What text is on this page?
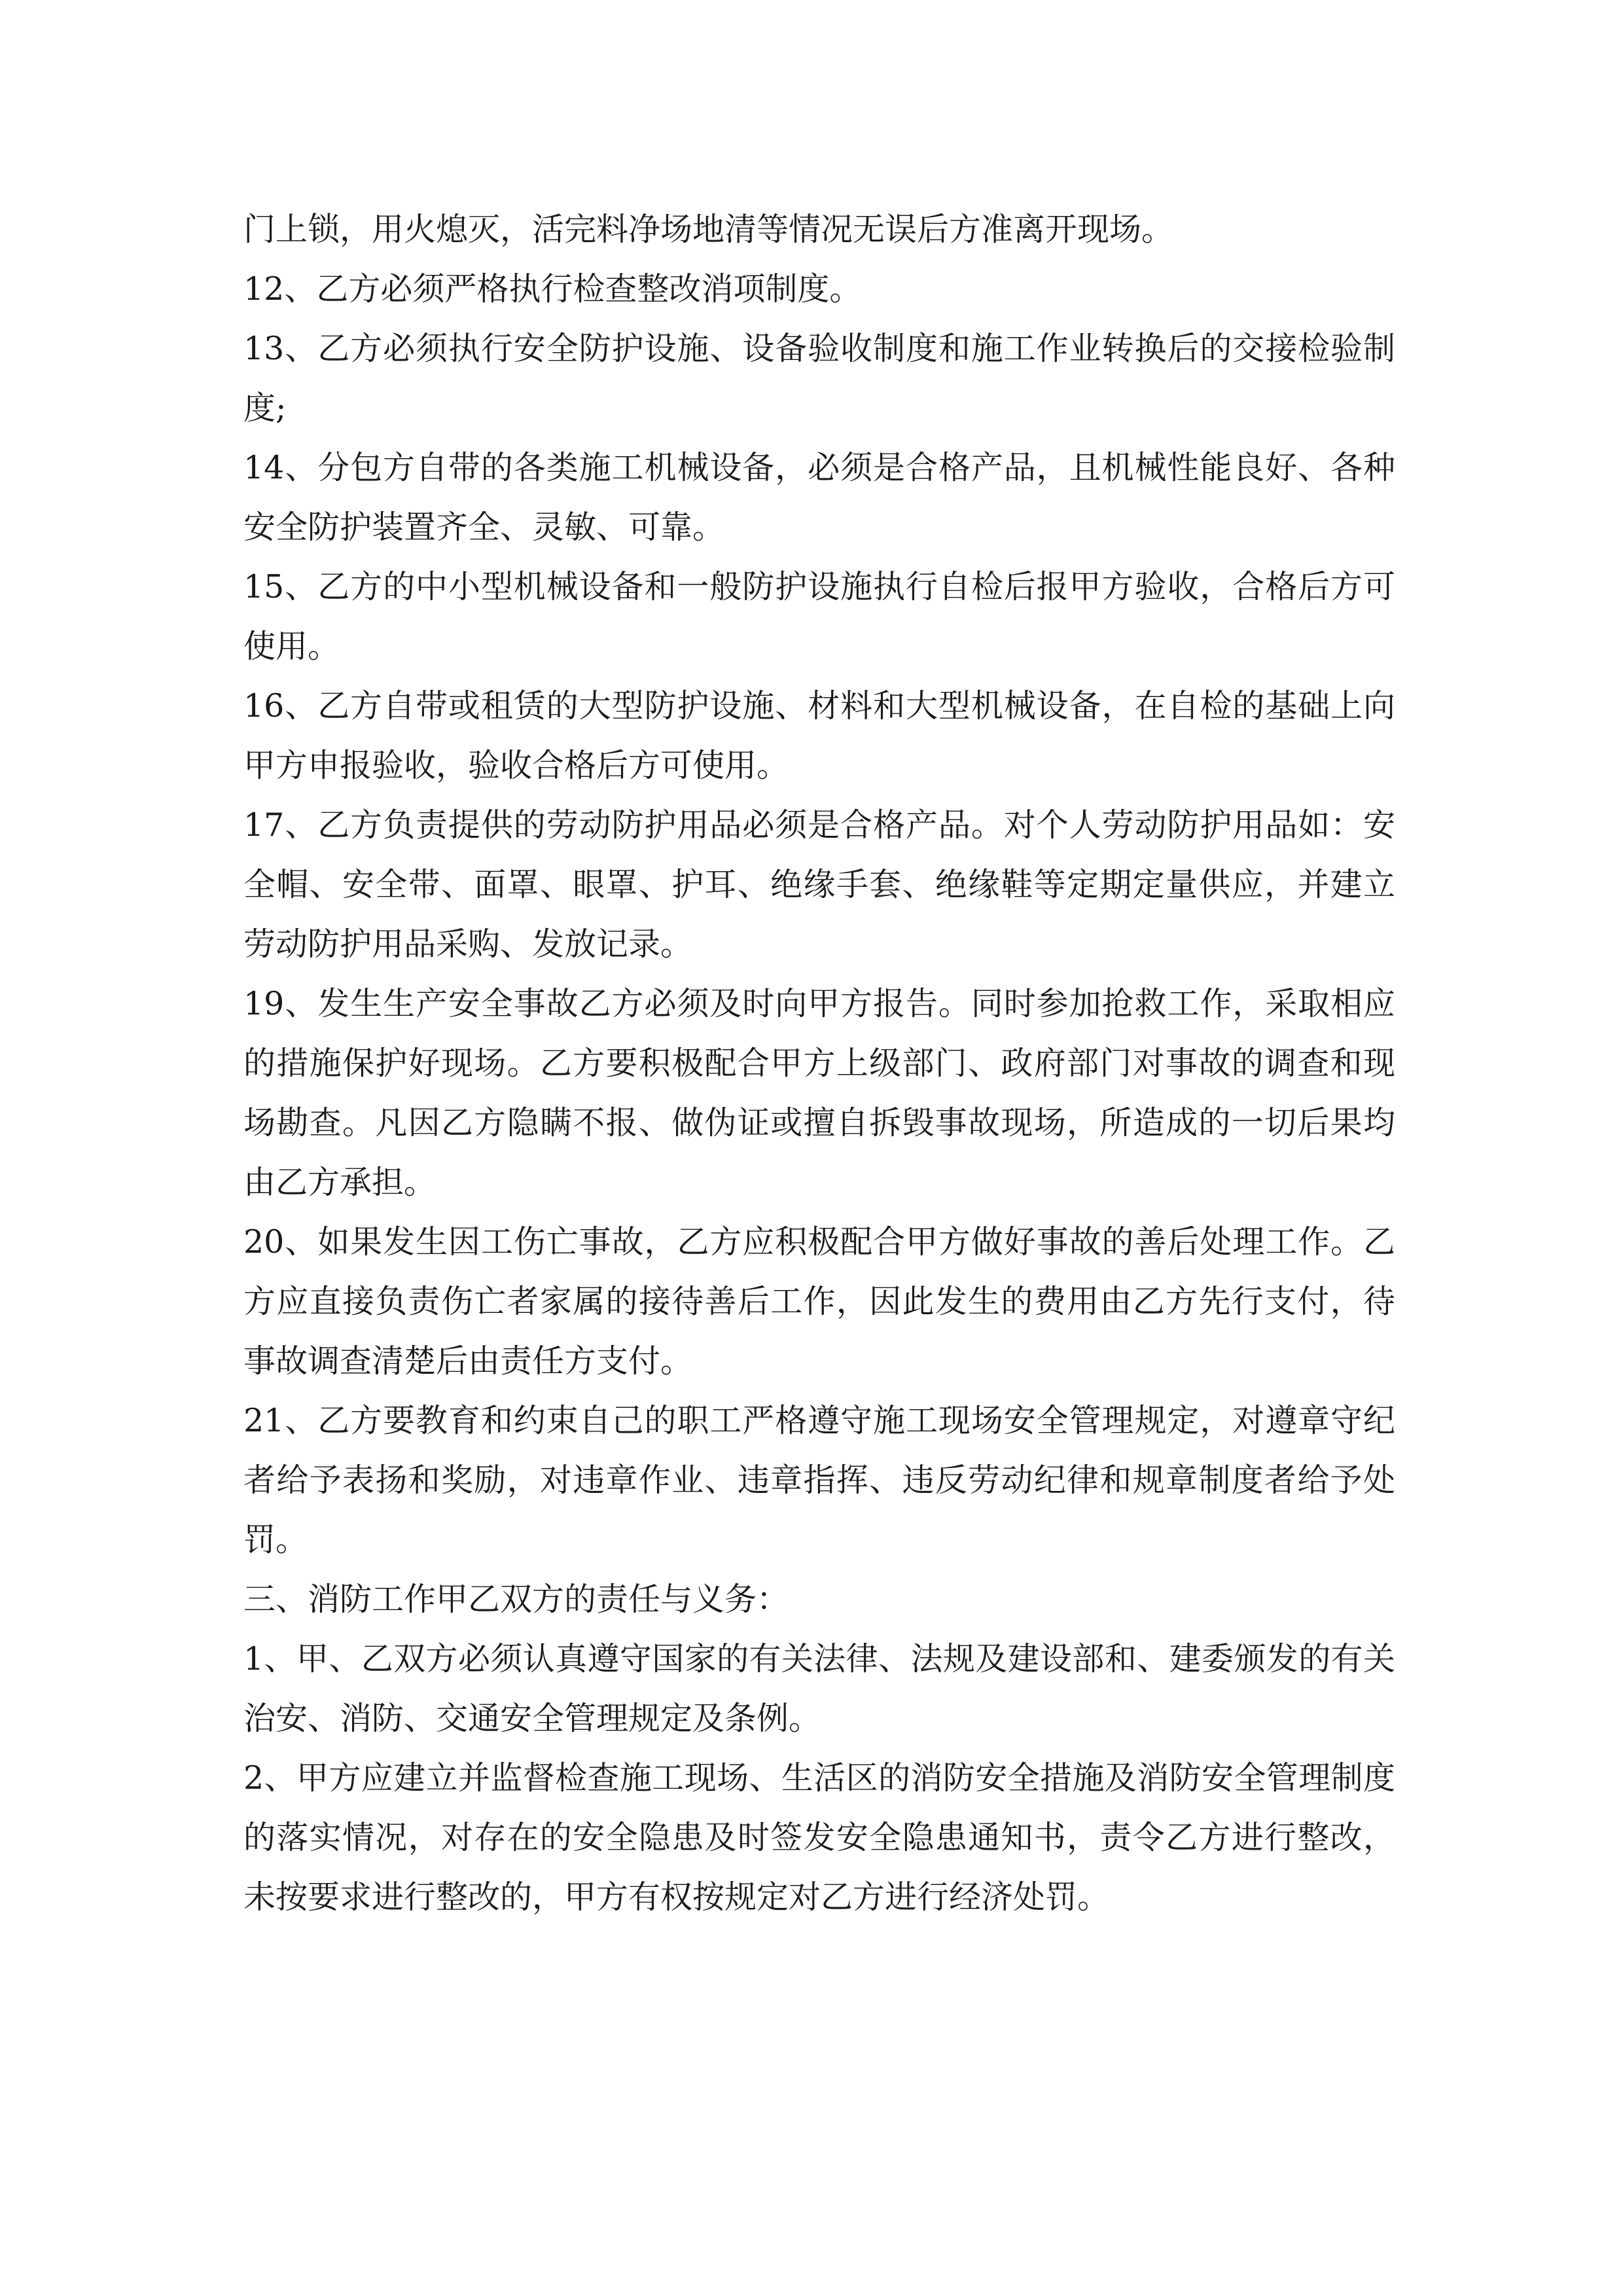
门上锁，用火熄灭，活完料净场地清等情况无误后方准离开现场。

12、乙方必须严格执行检查整改消项制度。

13、乙方必须执行安全防护设施、设备验收制度和施工作业转换后的交接检验制度;

14、分包方自带的各类施工机械设备，必须是合格产品，且机械性能良好、各种安全防护装置齐全、灵敏、可靠。

15、乙方的中小型机械设备和一般防护设施执行自检后报甲方验收，合格后方可使用。

16、乙方自带或租赁的大型防护设施、材料和大型机械设备，在自检的基础上向甲方申报验收，验收合格后方可使用。

17、乙方负责提供的劳动防护用品必须是合格产品。对个人劳动防护用品如：安全帽、安全带、面罩、眼罩、护耳、绝缘手套、绝缘鞋等定期定量供应，并建立劳动防护用品采购、发放记录。

19、发生生产安全事故乙方必须及时向甲方报告。同时参加抢救工作，采取相应的措施保护好现场。乙方要积极配合甲方上级部门、政府部门对事故的调查和现场勘查。凡因乙方隐瞒不报、做伪证或擅自拆毁事故现场，所造成的一切后果均由乙方承担。

20、如果发生因工伤亡事故，乙方应积极配合甲方做好事故的善后处理工作。乙方应直接负责伤亡者家属的接待善后工作，因此发生的费用由乙方先行支付，待事故调查清楚后由责任方支付。

21、乙方要教育和约束自己的职工严格遵守施工现场安全管理规定，对遵章守纪者给予表扬和奖励，对违章作业、违章指挥、违反劳动纪律和规章制度者给予处罚。

三、消防工作甲乙双方的责任与义务：

1、甲、乙双方必须认真遵守国家的有关法律、法规及建设部和、建委颁发的有关治安、消防、交通安全管理规定及条例。

2、甲方应建立并监督检查施工现场、生活区的消防安全措施及消防安全管理制度的落实情况，对存在的安全隐患及时签发安全隐患通知书，责令乙方进行整改，未按要求进行整改的，甲方有权按规定对乙方进行经济处罚。
